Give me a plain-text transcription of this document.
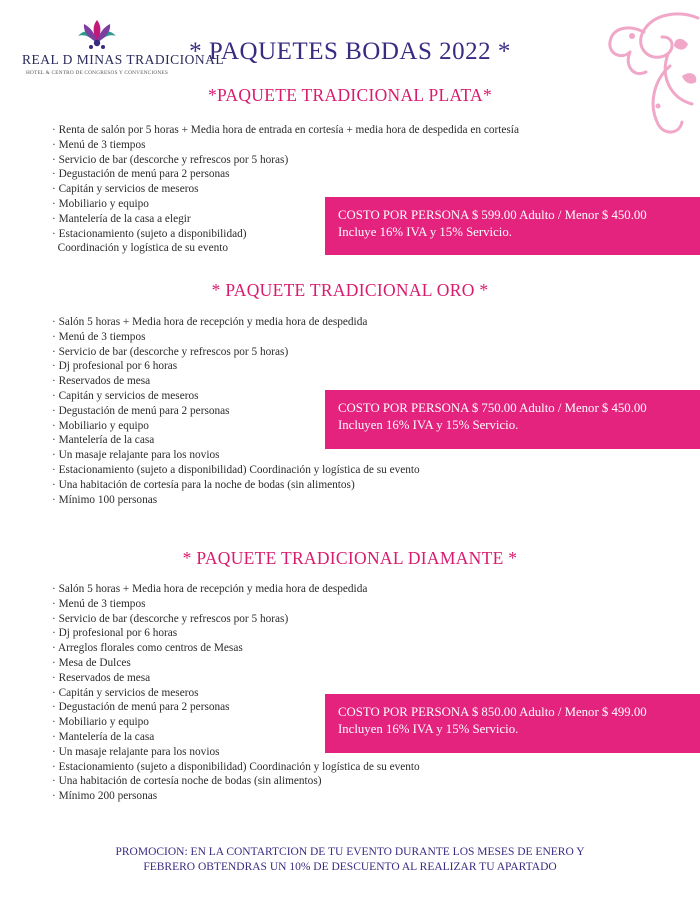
REAL D MINAS TRADICIONAL
HOTEL & CENTRO DE CONGRESOS Y CONVENCIONES
* PAQUETES BODAS 2022 *
*PAQUETE TRADICIONAL PLATA*
· Renta de salón por 5 horas + Media hora de entrada en cortesía + media hora de despedida en cortesía
· Menú de 3 tiempos
· Servicio de bar (descorche y refrescos por 5 horas)
· Degustación de menú para 2 personas
· Capitán y servicios de meseros
· Mobiliario y equipo
· Mantelería de la casa a elegir
· Estacionamiento (sujeto a disponibilidad)
Coordinación y logística de su evento
COSTO POR PERSONA $ 599.00 Adulto / Menor $ 450.00
Incluye 16% IVA y 15% Servicio.
* PAQUETE TRADICIONAL ORO *
· Salón 5 horas + Media hora de recepción y media hora de despedida
· Menú de 3 tiempos
· Servicio de bar (descorche y refrescos por 5 horas)
· Dj profesional por 6 horas
· Reservados de mesa
· Capitán y servicios de meseros
· Degustación de menú para 2 personas
· Mobiliario y equipo
· Mantelería de la casa
· Un masaje relajante para los novios
· Estacionamiento (sujeto a disponibilidad) Coordinación y logística de su evento
· Una habitación de cortesía para la noche de bodas (sin alimentos)
· Mínimo 100 personas
COSTO POR PERSONA $ 750.00 Adulto / Menor $ 450.00
Incluyen 16% IVA y 15% Servicio.
* PAQUETE TRADICIONAL DIAMANTE *
· Salón 5 horas + Media hora de recepción y media hora de despedida
· Menú de 3 tiempos
· Servicio de bar (descorche y refrescos por 5 horas)
· Dj profesional por 6 horas
· Arreglos florales como centros de Mesas
· Mesa de Dulces
· Reservados de mesa
· Capitán y servicios de meseros
· Degustación de menú para 2 personas
· Mobiliario y equipo
· Mantelería de la casa
· Un masaje relajante para los novios
· Estacionamiento (sujeto a disponibilidad) Coordinación y logística de su evento
· Una habitación de cortesía noche de bodas (sin alimentos)
· Mínimo 200 personas
COSTO POR PERSONA $ 850.00 Adulto / Menor $ 499.00
Incluyen 16% IVA y 15% Servicio.
PROMOCION: EN LA CONTARTCION DE TU EVENTO DURANTE LOS MESES DE ENERO Y
FEBRERO OBTENDRAS UN 10% DE DESCUENTO AL REALIZAR TU APARTADO
